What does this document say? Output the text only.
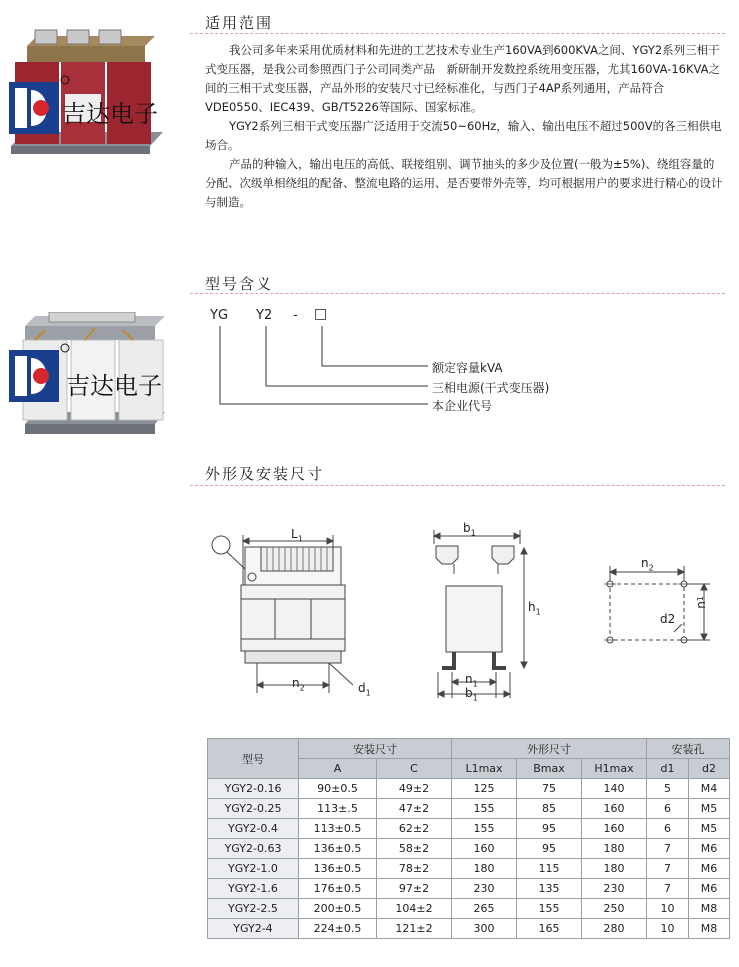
吉达电子
适用范围

我公司多年来采用优质材料和先进的工艺技术专业生产160VA到600KVA之间、YGY2系列三相干式变压器，是我公司参照西门子公司同类产品　新研制开发数控系统用变压器，尤其160VA-16KVA之间的三相干式变压器，产品外形的安装尺寸已经标准化，与西门子4AP系列通用，产品符合VDE0550、IEC439、GB/T5226等国际、国家标准。

YGY2系列三相干式变压器广泛适用于交流50~60Hz，输入、输出电压不超过500V的各三相供电场合。

产品的种输入，输出电压的高低、联接组别、调节抽头的多少及位置(一般为±5%)、绕组容量的分配、次级单相绕组的配备、整流电路的运用、是否要带外壳等，均可根据用户的要求进行精心的设计与制造。

吉达电子
型号含义
YG Y2 - □
额定容量kVA
三相电源(干式变压器)
本企业代号
外形及安装尺寸
$L_1$
$n_2$	$d_1$
$b_1$
$h_1$
$n_1$
$b_1$
$n_2$
d2
n1
型号	安装尺寸		外形尺寸			安装孔	
	A	C	L1max	Bmax	H1max	d1	d2
YGY2-0.16	90±0.5	49±2	125	75	140	5	M4
YGY2-0.25	113±.5	47±2	155	85	160	6	M5
YGY2-0.4	113±0.5	62±2	155	95	160	6	M5
YGY2-0.63	136±0.5	58±2	160	95	180	7	M6
YGY2-1.0	136±0.5	78±2	180	115	180	7	M6
YGY2-1.6	176±0.5	97±2	230	135	230	7	M6
YGY2-2.5	200±0.5	104±2	265	155	250	10	M8
YGY2-4	224±0.5	121±2	300	165	280	10	M8
